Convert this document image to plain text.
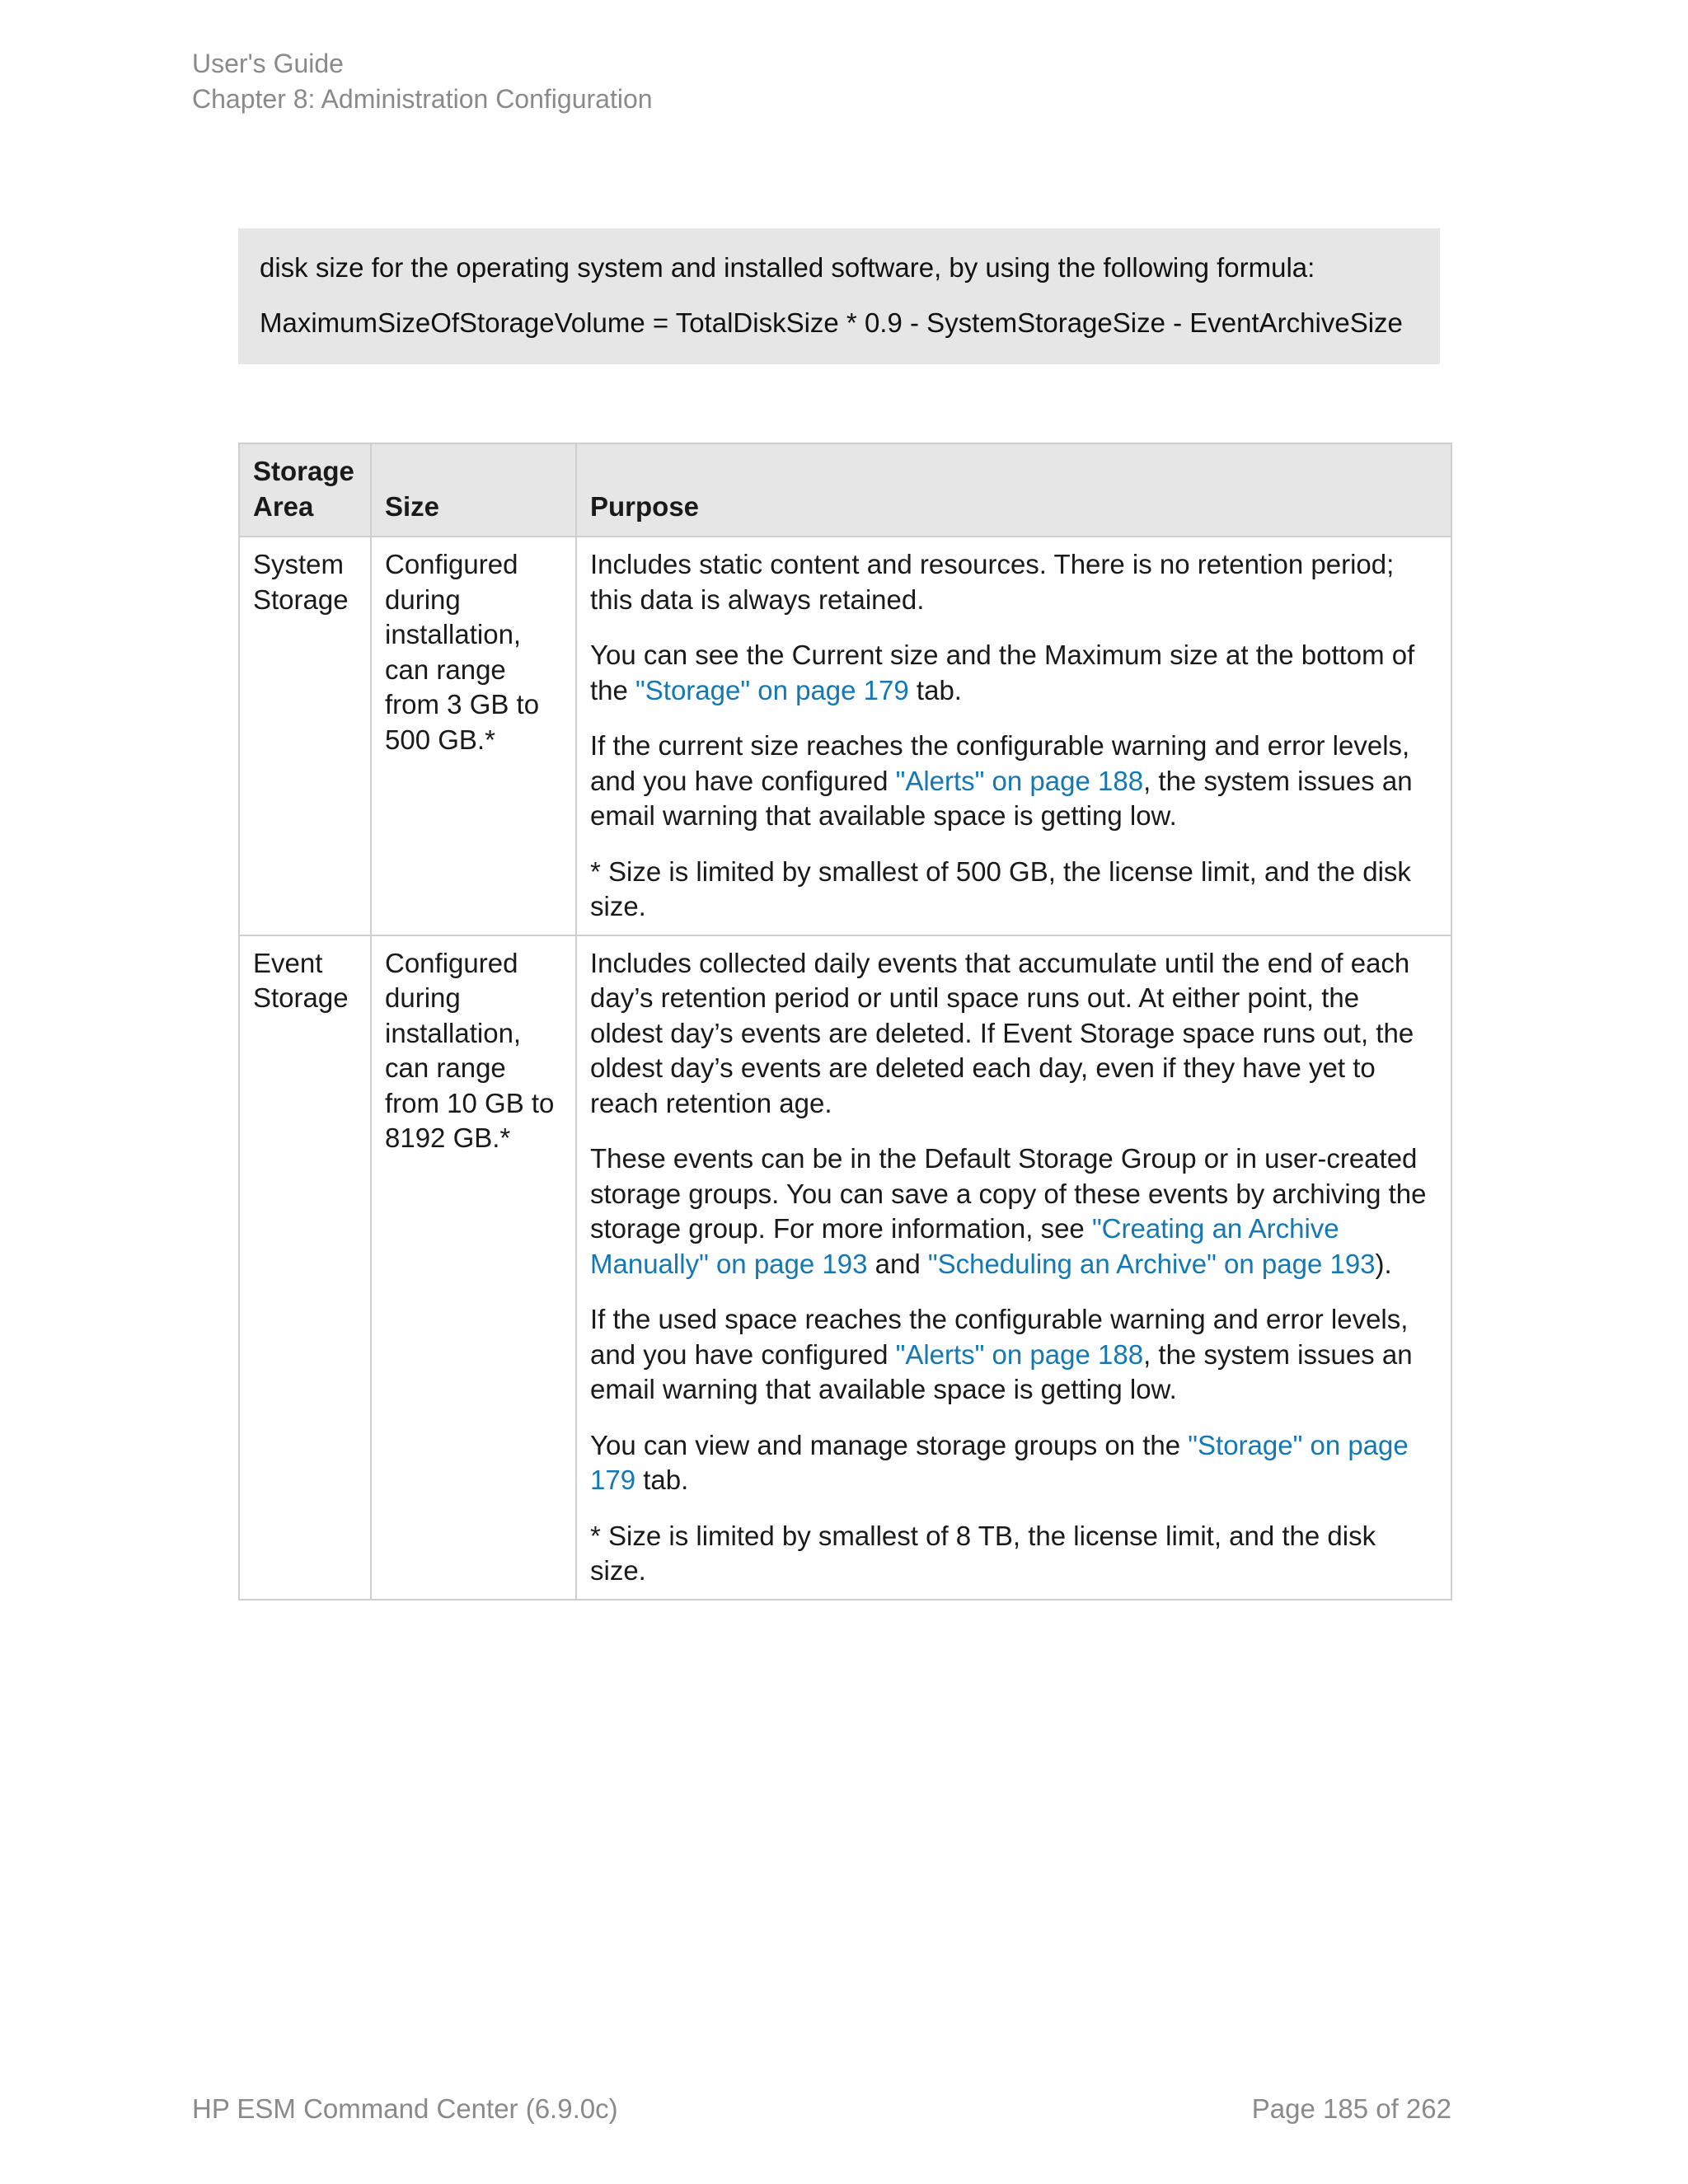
User's Guide
Chapter 8: Administration Configuration

disk size for the operating system and installed software, by using the following formula:

MaximumSizeOfStorageVolume = TotalDiskSize * 0.9 - SystemStorageSize - EventArchiveSize

Storage Area	Size	Purpose
System Storage	Configured during installation, can range from 3 GB to 500 GB.*	Includes static content and resources. There is no retention period; this data is always retained.

You can see the Current size and the Maximum size at the bottom of the "Storage" on page 179 tab.

If the current size reaches the configurable warning and error levels, and you have configured "Alerts" on page 188, the system issues an email warning that available space is getting low.

* Size is limited by smallest of 500 GB, the license limit, and the disk size.

Event Storage	Configured during installation, can range from 10 GB to 8192 GB.*	Includes collected daily events that accumulate until the end of each day’s retention period or until space runs out. At either point, the oldest day’s events are deleted. If Event Storage space runs out, the oldest day’s events are deleted each day, even if they have yet to reach retention age.

These events can be in the Default Storage Group or in user-created storage groups. You can save a copy of these events by archiving the storage group. For more information, see "Creating an Archive Manually" on page 193 and "Scheduling an Archive" on page 193).

If the used space reaches the configurable warning and error levels, and you have configured "Alerts" on page 188, the system issues an email warning that available space is getting low.

You can view and manage storage groups on the "Storage" on page 179 tab.

* Size is limited by smallest of 8 TB, the license limit, and the disk size.

HP ESM Command Center (6.9.0c)	Page 185 of 262
